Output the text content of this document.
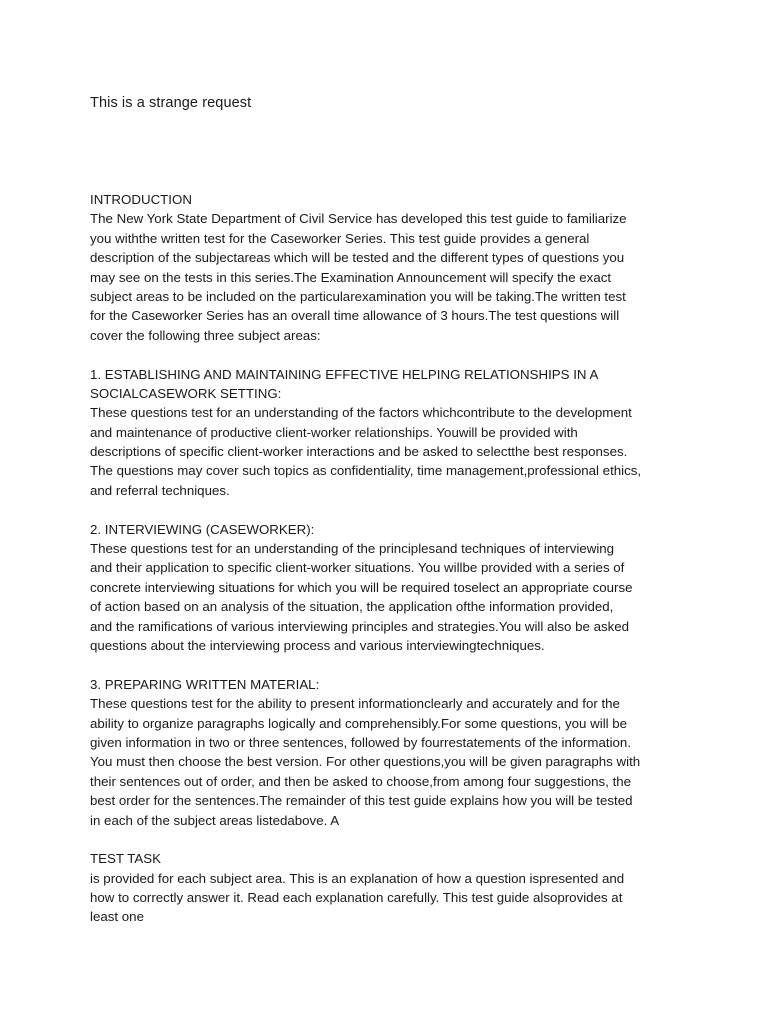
This is a strange request
INTRODUCTION
The New York State Department of Civil Service has developed this test guide to familiarize
you withthe written test for the Caseworker Series. This test guide provides a general
description of the subjectareas which will be tested and the different types of questions you
may see on the tests in this series.The Examination Announcement will specify the exact
subject areas to be included on the particularexamination you will be taking.The written test
for the Caseworker Series has an overall time allowance of 3 hours.The test questions will
cover the following three subject areas:
1. ESTABLISHING AND MAINTAINING EFFECTIVE HELPING RELATIONSHIPS IN A
SOCIALCASEWORK SETTING:
These questions test for an understanding of the factors whichcontribute to the development
and maintenance of productive client-worker relationships. Youwill be provided with
descriptions of specific client-worker interactions and be asked to selectthe best responses.
The questions may cover such topics as confidentiality, time management,professional ethics,
and referral techniques.
2. INTERVIEWING (CASEWORKER):
These questions test for an understanding of the principlesand techniques of interviewing
and their application to specific client-worker situations. You willbe provided with a series of
concrete interviewing situations for which you will be required toselect an appropriate course
of action based on an analysis of the situation, the application ofthe information provided,
and the ramifications of various interviewing principles and strategies.You will also be asked
questions about the interviewing process and various interviewingtechniques.
3. PREPARING WRITTEN MATERIAL:
These questions test for the ability to present informationclearly and accurately and for the
ability to organize paragraphs logically and comprehensibly.For some questions, you will be
given information in two or three sentences, followed by fourrestatements of the information.
You must then choose the best version. For other questions,you will be given paragraphs with
their sentences out of order, and then be asked to choose,from among four suggestions, the
best order for the sentences.The remainder of this test guide explains how you will be tested
in each of the subject areas listedabove. A
TEST TASK
is provided for each subject area. This is an explanation of how a question ispresented and
how to correctly answer it. Read each explanation carefully. This test guide alsoprovides at
least one
